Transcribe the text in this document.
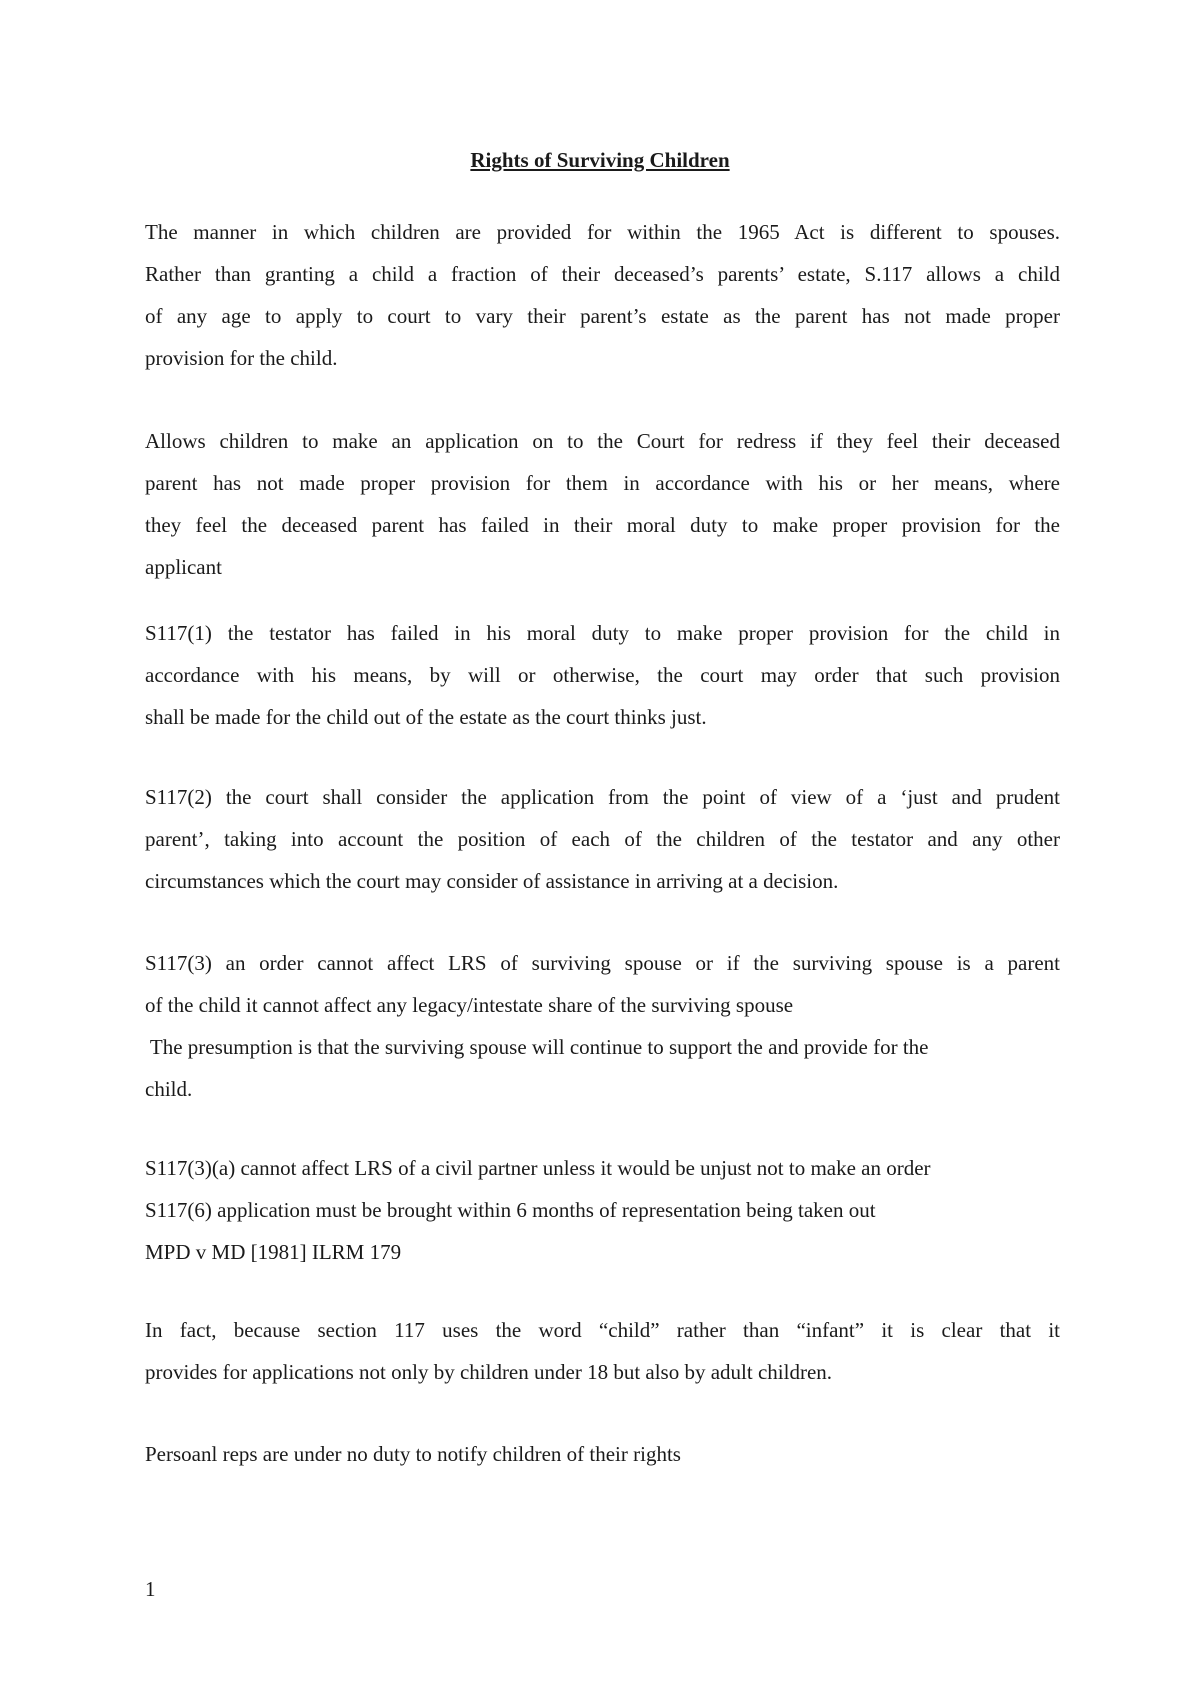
Rights of Surviving Children
The manner in which children are provided for within the 1965 Act is different to spouses.
Rather than granting a child a fraction of their deceased’s parents’ estate, S.117 allows a child
of any age to apply to court to vary their parent’s estate as the parent has not made proper
provision for the child.
Allows children to make an application on to the Court for redress if they feel their deceased
parent has not made proper provision for them in accordance with his or her means, where
they feel the deceased parent has failed in their moral duty to make proper provision for the
applicant
S117(1) the testator has failed in his moral duty to make proper provision for the child in
accordance with his means, by will or otherwise, the court may order that such provision
shall be made for the child out of the estate as the court thinks just.
S117(2) the court shall consider the application from the point of view of a ‘just and prudent
parent’, taking into account the position of each of the children of the testator and any other
circumstances which the court may consider of assistance in arriving at a decision.
S117(3) an order cannot affect LRS of surviving spouse or if the surviving spouse is a parent
of the child it cannot affect any legacy/intestate share of the surviving spouse
The presumption is that the surviving spouse will continue to support the and provide for the
child.
S117(3)(a) cannot affect LRS of a civil partner unless it would be unjust not to make an order
S117(6) application must be brought within 6 months of representation being taken out
MPD v MD [1981] ILRM 179
In fact, because section 117 uses the word “child” rather than “infant” it is clear that it
provides for applications not only by children under 18 but also by adult children.
Persoanl reps are under no duty to notify children of their rights
1
